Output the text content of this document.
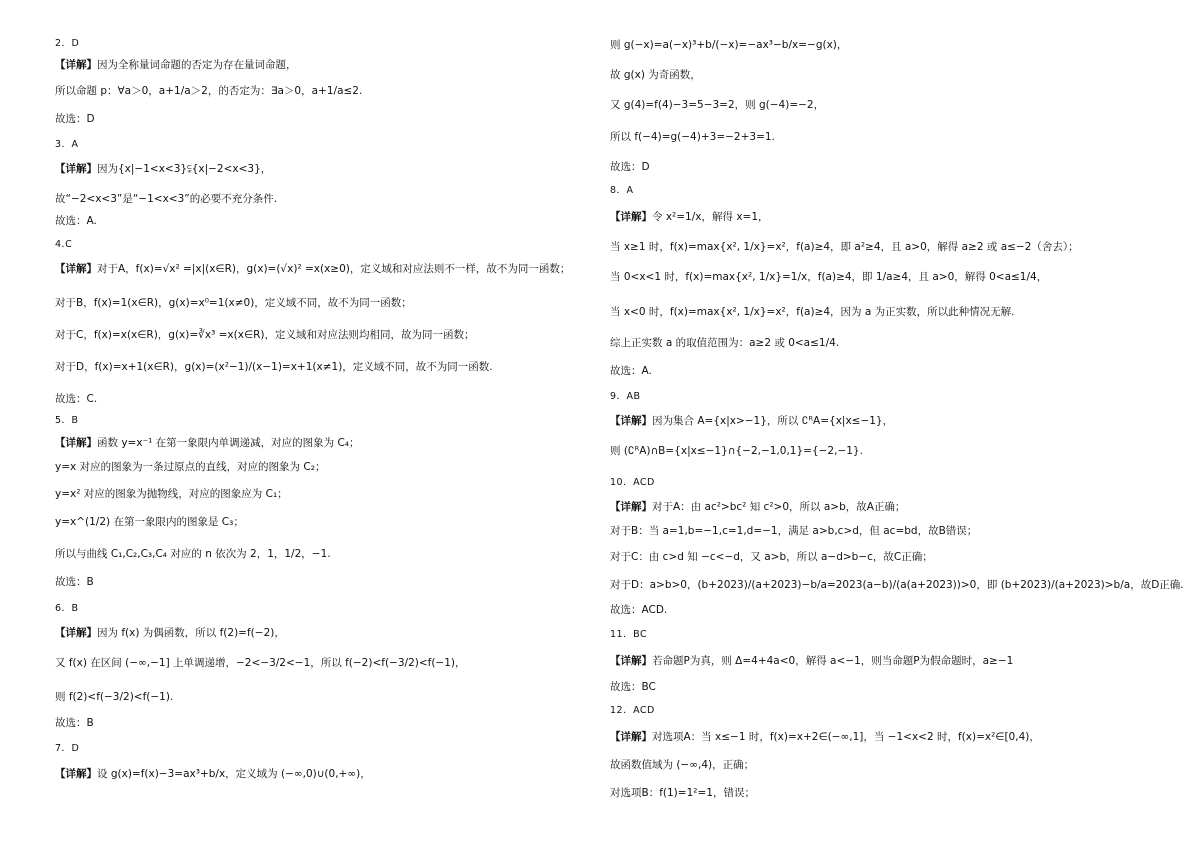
2．D
【详解】因为全称量词命题的否定为存在量词命题，
所以命题 p：∀a＞0，a+1/a＞2，的否定为：∃a＞0，a+1/a≤2.
故选：D
3．A
【详解】因为{x|−1<x<3}⫋{x|−2<x<3}，
故“−2<x<3”是“−1<x<3”的必要不充分条件.
故选：A.
4.C
【详解】对于A，f(x)=√x² =|x|(x∈R)，g(x)=(√x)² =x(x≥0)，定义域和对应法则不一样，故不为同一函数；
对于B，f(x)=1(x∈R)，g(x)=x⁰=1(x≠0)，定义域不同，故不为同一函数；
对于C，f(x)=x(x∈R)，g(x)=∛x³ =x(x∈R)，定义域和对应法则均相同，故为同一函数；
对于D，f(x)=x+1(x∈R)，g(x)=(x²−1)/(x−1)=x+1(x≠1)，定义域不同，故不为同一函数.
故选：C.
5．B
【详解】函数 y=x⁻¹ 在第一象限内单调递减，对应的图象为 C₄；
y=x 对应的图象为一条过原点的直线，对应的图象为 C₂；
y=x² 对应的图象为抛物线，对应的图象应为 C₁；
y=x^(1/2) 在第一象限内的图象是 C₃；
所以与曲线 C₁,C₂,C₃,C₄ 对应的 n 依次为 2，1，1/2，−1.
故选：B
6．B
【详解】因为 f(x) 为偶函数，所以 f(2)=f(−2)，
又 f(x) 在区间 (−∞,−1] 上单调递增，−2<−3/2<−1，所以 f(−2)<f(−3/2)<f(−1)，
则 f(2)<f(−3/2)<f(−1).
故选：B
7．D
【详解】设 g(x)=f(x)−3=ax³+b/x，定义域为 (−∞,0)∪(0,+∞)，
则 g(−x)=a(−x)³+b/(−x)=−ax³−b/x=−g(x)，
故 g(x) 为奇函数，
又 g(4)=f(4)−3=5−3=2，则 g(−4)=−2，
所以 f(−4)=g(−4)+3=−2+3=1.
故选：D
8．A
【详解】令 x²=1/x，解得 x=1，
当 x≥1 时，f(x)=max{x², 1/x}=x²，f(a)≥4，即 a²≥4，且 a>0，解得 a≥2 或 a≤−2（舍去）；
当 0<x<1 时，f(x)=max{x², 1/x}=1/x，f(a)≥4，即 1/a≥4，且 a>0，解得 0<a≤1/4，
当 x<0 时，f(x)=max{x², 1/x}=x²，f(a)≥4，因为 a 为正实数，所以此种情况无解.
综上正实数 a 的取值范围为：a≥2 或 0<a≤1/4.
故选：A.
9．AB
【详解】因为集合 A={x|x>−1}，所以 ∁ᴿA={x|x≤−1}，
则 (∁ᴿA)∩B={x|x≤−1}∩{−2,−1,0,1}={−2,−1}.
10．ACD
【详解】对于A：由 ac²>bc² 知 c²>0，所以 a>b，故A正确；
对于B：当 a=1,b=−1,c=1,d=−1，满足 a>b,c>d，但 ac=bd，故B错误；
对于C：由 c>d 知 −c<−d，又 a>b，所以 a−d>b−c，故C正确；
对于D：a>b>0，(b+2023)/(a+2023)−b/a=2023(a−b)/(a(a+2023))>0，即 (b+2023)/(a+2023)>b/a，故D正确.
故选：ACD.
11．BC
【详解】若命题P为真，则 Δ=4+4a<0，解得 a<−1，则当命题P为假命题时，a≥−1
故选：BC
12．ACD
【详解】对选项A：当 x≤−1 时，f(x)=x+2∈(−∞,1]，当 −1<x<2 时，f(x)=x²∈[0,4)，
故函数值域为 (−∞,4)，正确；
对选项B：f(1)=1²=1，错误；
